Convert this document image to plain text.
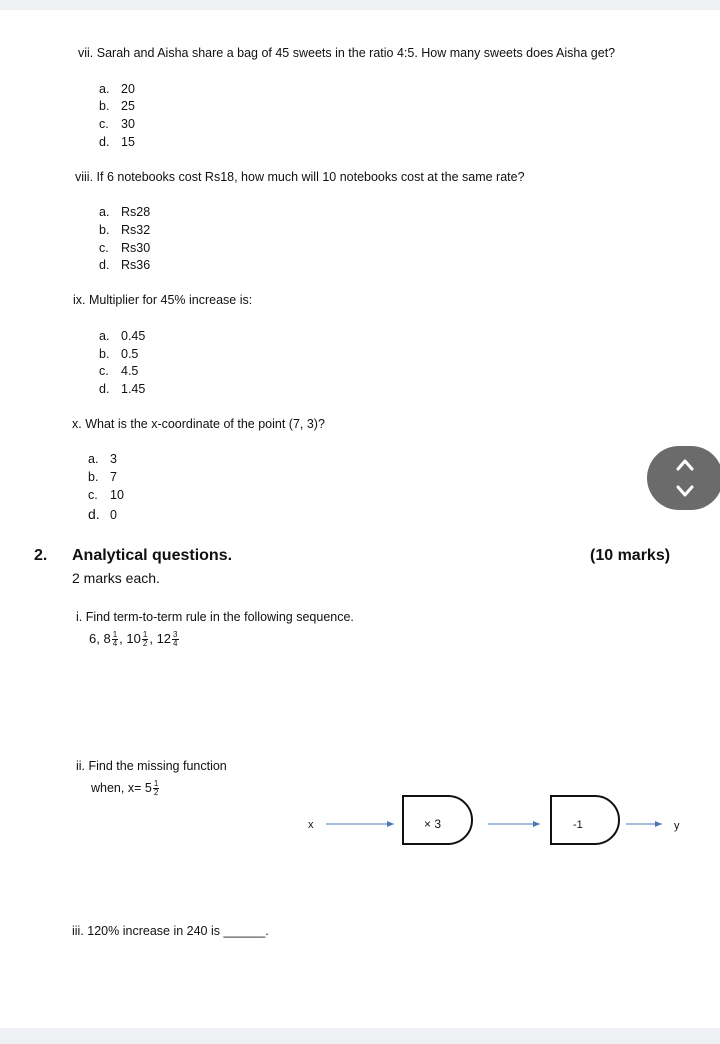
vii. Sarah and Aisha share a bag of 45 sweets in the ratio 4:5. How many sweets does Aisha get?
a. 20
b. 25
c. 30
d. 15
viii. If 6 notebooks cost Rs18, how much will 10 notebooks cost at the same rate?
a. Rs28
b. Rs32
c. Rs30
d. Rs36
ix. Multiplier for 45% increase is:
a. 0.45
b. 0.5
c. 4.5
d. 1.45
x. What is the x-coordinate of the point (7, 3)?
a. 3
b. 7
c. 10
d. 0
2. Analytical questions.	(10 marks)
2 marks each.
i. Find term-to-term rule in the following sequence.
6, $8 \frac{1}{4}$ , $10 \frac{1}{2}$ , $12 \frac{3}{4}$
ii. Find the missing function
when, $x= 5 \frac{1}{2}$
x	× 3	-1	y
iii. 120% increase in 240 is ______.
